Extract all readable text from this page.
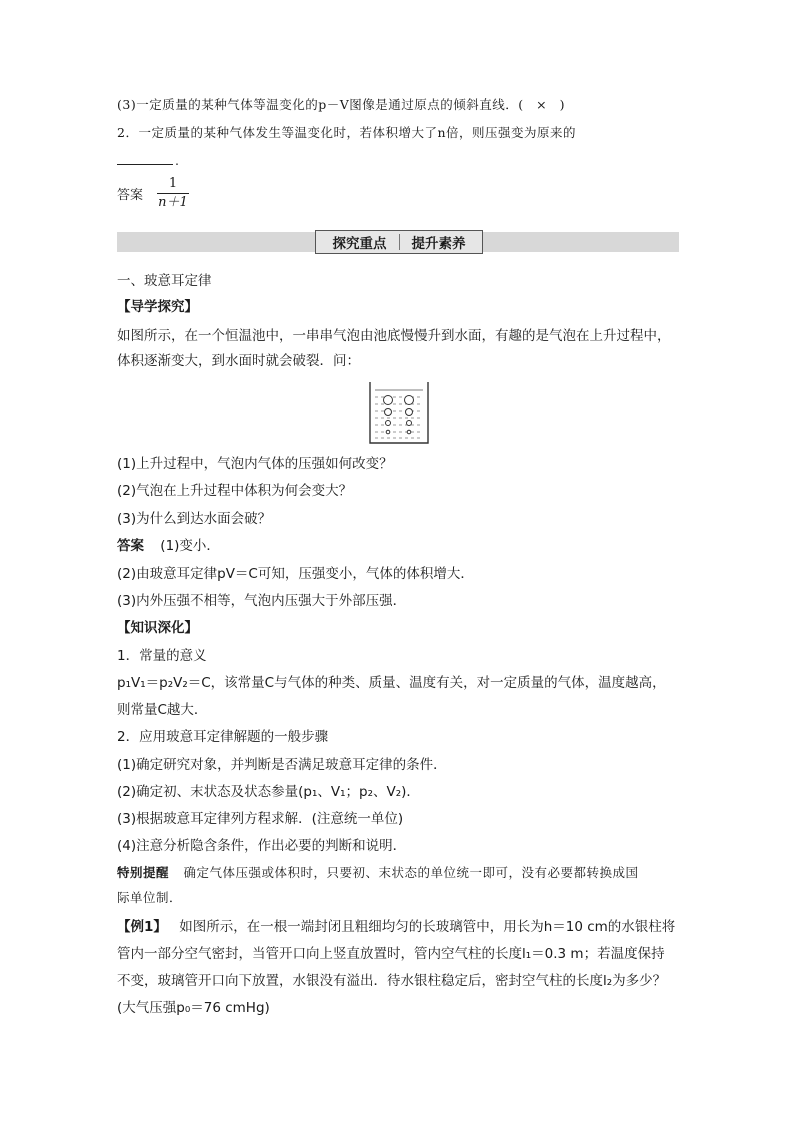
(3)一定质量的某种气体等温变化的p－V图像是通过原点的倾斜直线．( × )
2．一定质量的某种气体发生等温变化时，若体积增大了n倍，则压强变为原来的
.
答案
1
n＋1
探究重点 提升素养
一、玻意耳定律
【导学探究】
如图所示，在一个恒温池中，一串串气泡由池底慢慢升到水面，有趣的是气泡在上升过程中，
体积逐渐变大，到水面时就会破裂．问：
(1)上升过程中，气泡内气体的压强如何改变？
(2)气泡在上升过程中体积为何会变大？
(3)为什么到达水面会破？
答案 (1)变小．
(2)由玻意耳定律pV＝C可知，压强变小，气体的体积增大．
(3)内外压强不相等，气泡内压强大于外部压强．
【知识深化】
1．常量的意义
p₁V₁＝p₂V₂＝C，该常量C与气体的种类、质量、温度有关，对一定质量的气体，温度越高，
则常量C越大．
2．应用玻意耳定律解题的一般步骤
(1)确定研究对象，并判断是否满足玻意耳定律的条件．
(2)确定初、末状态及状态参量(p₁、V₁；p₂、V₂)．
(3)根据玻意耳定律列方程求解．(注意统一单位)
(4)注意分析隐含条件，作出必要的判断和说明．
特别提醒 确定气体压强或体积时，只要初、末状态的单位统一即可，没有必要都转换成国
际单位制．
【例1】 如图所示，在一根一端封闭且粗细均匀的长玻璃管中，用长为h＝10 cm的水银柱将
管内一部分空气密封，当管开口向上竖直放置时，管内空气柱的长度l₁＝0.3 m；若温度保持
不变，玻璃管开口向下放置，水银没有溢出．待水银柱稳定后，密封空气柱的长度l₂为多少？
(大气压强p₀＝76 cmHg)
